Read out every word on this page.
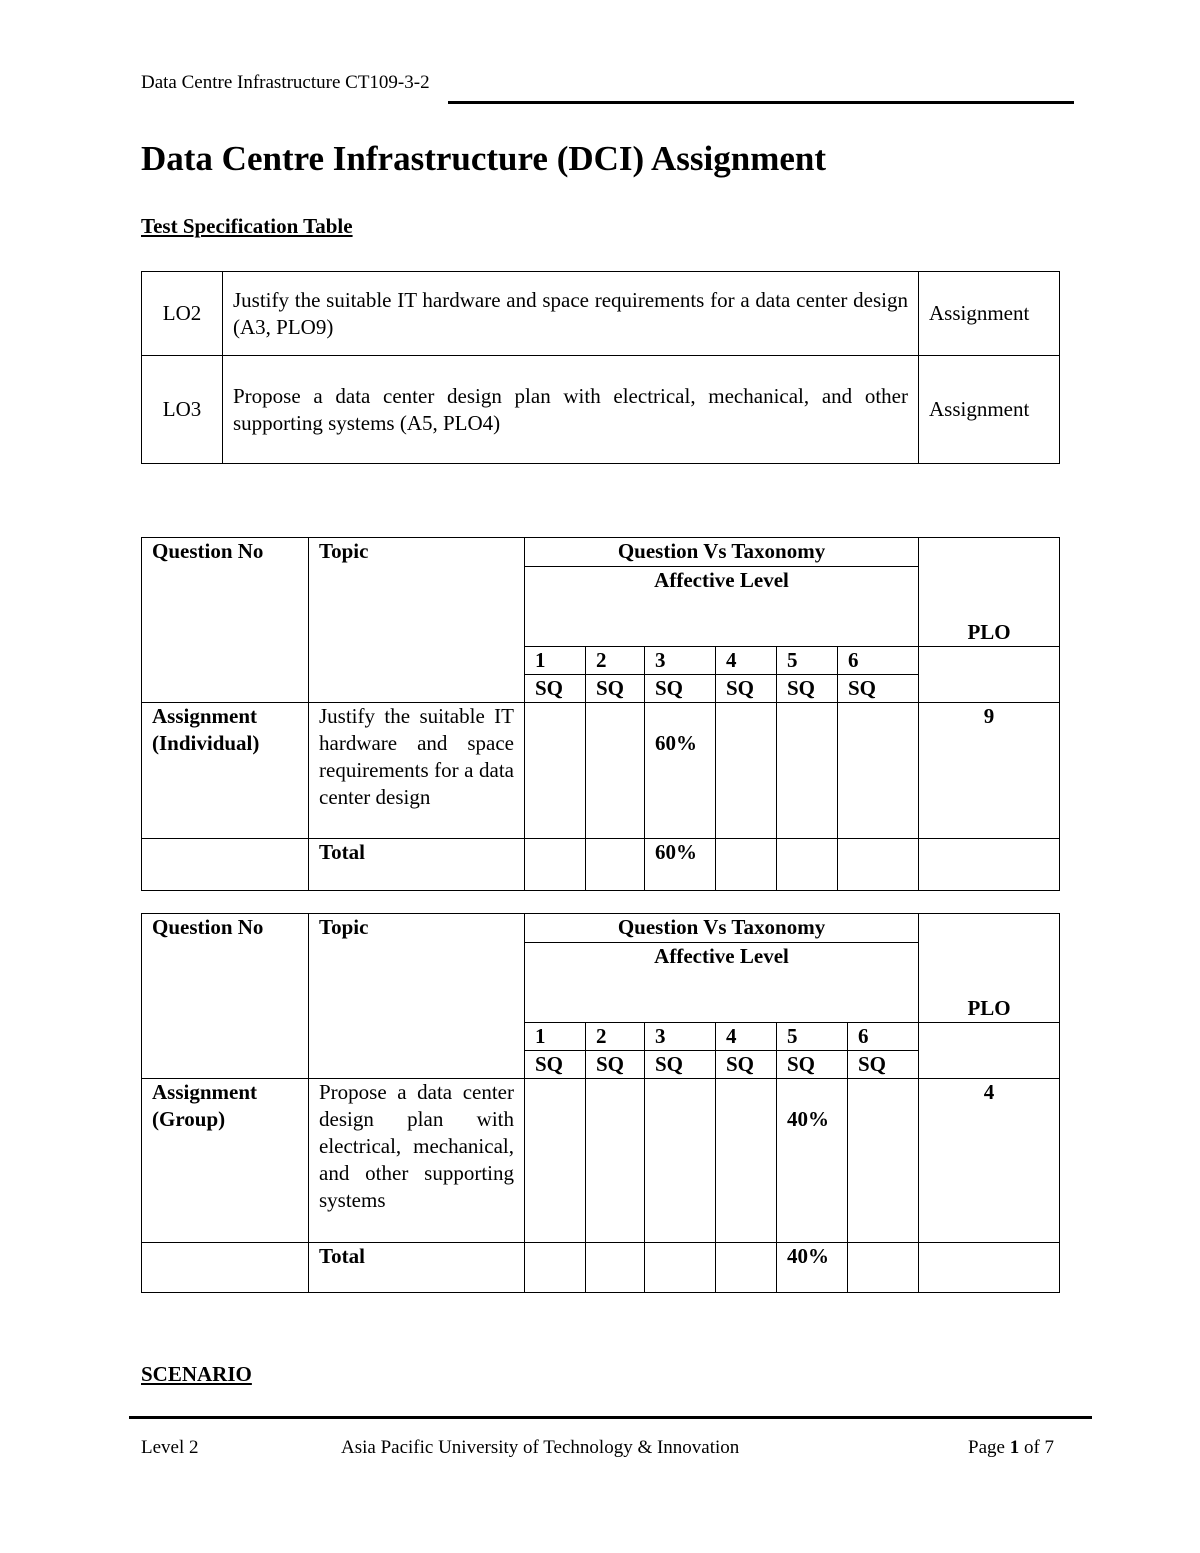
Data Centre Infrastructure CT109-3-2
Data Centre Infrastructure (DCI) Assignment
Test Specification Table
LO2	Justify the suitable IT hardware and space requirements for a data center design (A3, PLO9)	Assignment
LO3	Propose a data center design plan with electrical, mechanical, and other supporting systems (A5, PLO4)	Assignment
Question No	Topic	Question Vs Taxonomy						PLO
		Affective Level						
		1	2	3	4	5	6	
		SQ	SQ	SQ	SQ	SQ	SQ	
Assignment (Individual)	Justify the suitable IT hardware and space requirements for a data center design			60%				9
	Total			60%				
Question No	Topic	Question Vs Taxonomy						PLO
		Affective Level						
		1	2	3	4	5	6	
		SQ	SQ	SQ	SQ	SQ	SQ	
Assignment (Group)	Propose a data center design plan with electrical, mechanical, and other supporting systems					40%		4
	Total					40%		
SCENARIO
Level 2	Asia Pacific University of Technology & Innovation	Page 1 of 7
